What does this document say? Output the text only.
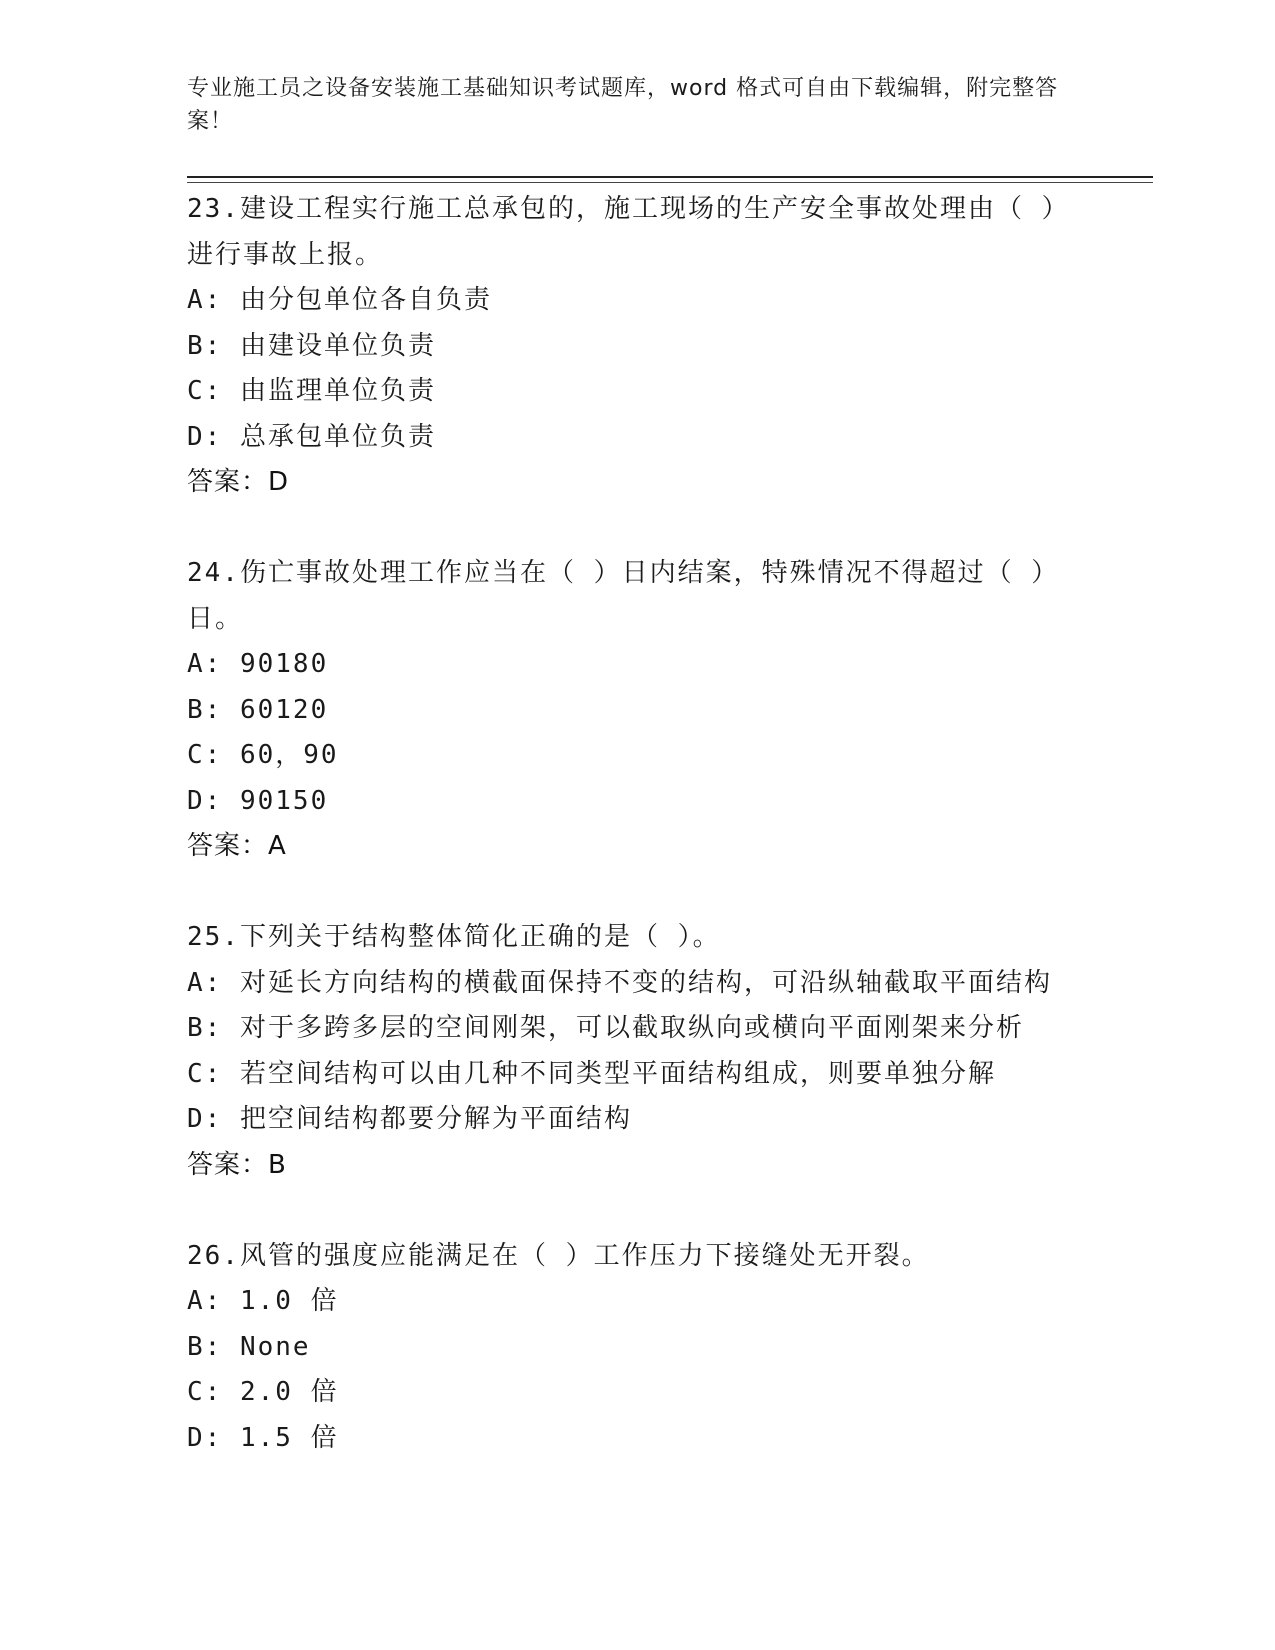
专业施工员之设备安装施工基础知识考试题库，word 格式可自由下载编辑，附完整答案！
23.建设工程实行施工总承包的，施工现场的生产安全事故处理由（ ）进行事故上报。
A: 由分包单位各自负责
B: 由建设单位负责
C: 由监理单位负责
D: 总承包单位负责
答案：D
24.伤亡事故处理工作应当在（ ）日内结案，特殊情况不得超过（ ）日。
A: 90180
B: 60120
C: 60，90
D: 90150
答案：A
25.下列关于结构整体简化正确的是（ ）。
A: 对延长方向结构的横截面保持不变的结构，可沿纵轴截取平面结构
B: 对于多跨多层的空间刚架，可以截取纵向或横向平面刚架来分析
C: 若空间结构可以由几种不同类型平面结构组成，则要单独分解
D: 把空间结构都要分解为平面结构
答案：B
26.风管的强度应能满足在（ ）工作压力下接缝处无开裂。
A: 1.0 倍
B: None
C: 2.0 倍
D: 1.5 倍
